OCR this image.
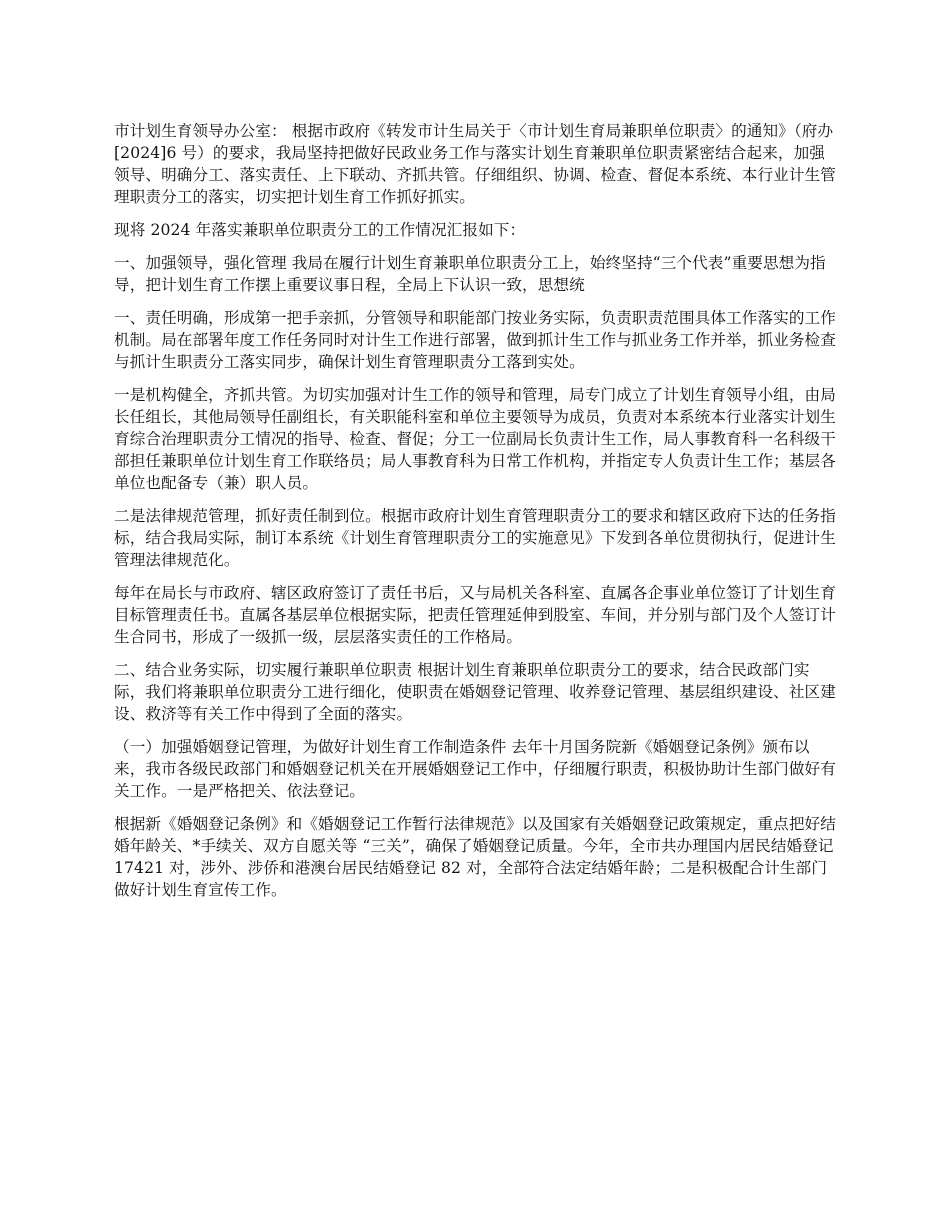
市计划生育领导办公室： 根据市政府《转发市计生局关于〈市计划生育局兼职单位职责〉的通知》（府办[2024]6 号）的要求，我局坚持把做好民政业务工作与落实计划生育兼职单位职责紧密结合起来，加强领导、明确分工、落实责任、上下联动、齐抓共管。仔细组织、协调、检查、督促本系统、本行业计生管理职责分工的落实，切实把计划生育工作抓好抓实。

现将 2024 年落实兼职单位职责分工的工作情况汇报如下：

一、加强领导，强化管理 我局在履行计划生育兼职单位职责分工上，始终坚持“三个代表”重要思想为指导，把计划生育工作摆上重要议事日程，全局上下认识一致，思想统

一、责任明确，形成第一把手亲抓，分管领导和职能部门按业务实际，负责职责范围具体工作落实的工作机制。局在部署年度工作任务同时对计生工作进行部署，做到抓计生工作与抓业务工作并举，抓业务检查与抓计生职责分工落实同步，确保计划生育管理职责分工落到实处。

一是机构健全，齐抓共管。为切实加强对计生工作的领导和管理，局专门成立了计划生育领导小组，由局长任组长，其他局领导任副组长，有关职能科室和单位主要领导为成员，负责对本系统本行业落实计划生育综合治理职责分工情况的指导、检查、督促；分工一位副局长负责计生工作，局人事教育科一名科级干部担任兼职单位计划生育工作联络员；局人事教育科为日常工作机构，并指定专人负责计生工作；基层各单位也配备专（兼）职人员。

二是法律规范管理，抓好责任制到位。根据市政府计划生育管理职责分工的要求和辖区政府下达的任务指标，结合我局实际，制订本系统《计划生育管理职责分工的实施意见》下发到各单位贯彻执行，促进计生管理法律规范化。

每年在局长与市政府、辖区政府签订了责任书后，又与局机关各科室、直属各企事业单位签订了计划生育目标管理责任书。直属各基层单位根据实际，把责任管理延伸到股室、车间，并分别与部门及个人签订计生合同书，形成了一级抓一级，层层落实责任的工作格局。

二、结合业务实际，切实履行兼职单位职责 根据计划生育兼职单位职责分工的要求，结合民政部门实际，我们将兼职单位职责分工进行细化，使职责在婚姻登记管理、收养登记管理、基层组织建设、社区建设、救济等有关工作中得到了全面的落实。

（一）加强婚姻登记管理，为做好计划生育工作制造条件 去年十月国务院新《婚姻登记条例》颁布以来，我市各级民政部门和婚姻登记机关在开展婚姻登记工作中，仔细履行职责，积极协助计生部门做好有关工作。一是严格把关、依法登记。

根据新《婚姻登记条例》和《婚姻登记工作暂行法律规范》以及国家有关婚姻登记政策规定，重点把好结婚年龄关、*手续关、双方自愿关等 “三关”，确保了婚姻登记质量。今年，全市共办理国内居民结婚登记 17421 对，涉外、涉侨和港澳台居民结婚登记 82 对，全部符合法定结婚年龄；二是积极配合计生部门做好计划生育宣传工作。
